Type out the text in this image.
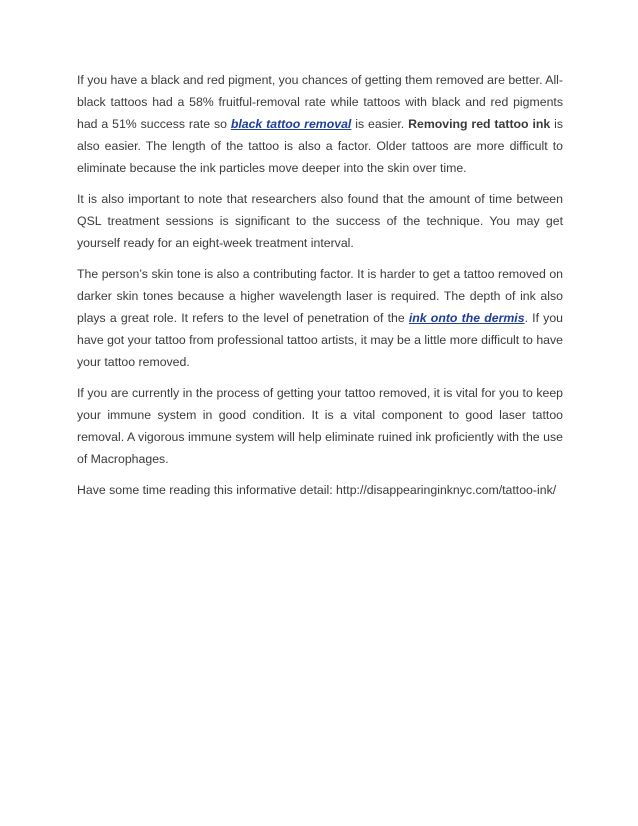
If you have a black and red pigment, you chances of getting them removed are better. All-black tattoos had a 58% fruitful-removal rate while tattoos with black and red pigments had a 51% success rate so black tattoo removal is easier. Removing red tattoo ink is also easier. The length of the tattoo is also a factor. Older tattoos are more difficult to eliminate because the ink particles move deeper into the skin over time.

It is also important to note that researchers also found that the amount of time between QSL treatment sessions is significant to the success of the technique. You may get yourself ready for an eight-week treatment interval.

The person’s skin tone is also a contributing factor. It is harder to get a tattoo removed on darker skin tones because a higher wavelength laser is required. The depth of ink also plays a great role. It refers to the level of penetration of the ink onto the dermis. If you have got your tattoo from professional tattoo artists, it may be a little more difficult to have your tattoo removed.

If you are currently in the process of getting your tattoo removed, it is vital for you to keep your immune system in good condition. It is a vital component to good laser tattoo removal. A vigorous immune system will help eliminate ruined ink proficiently with the use of Macrophages.

Have some time reading this informative detail: http://disappearinginknyc.com/tattoo-ink/
